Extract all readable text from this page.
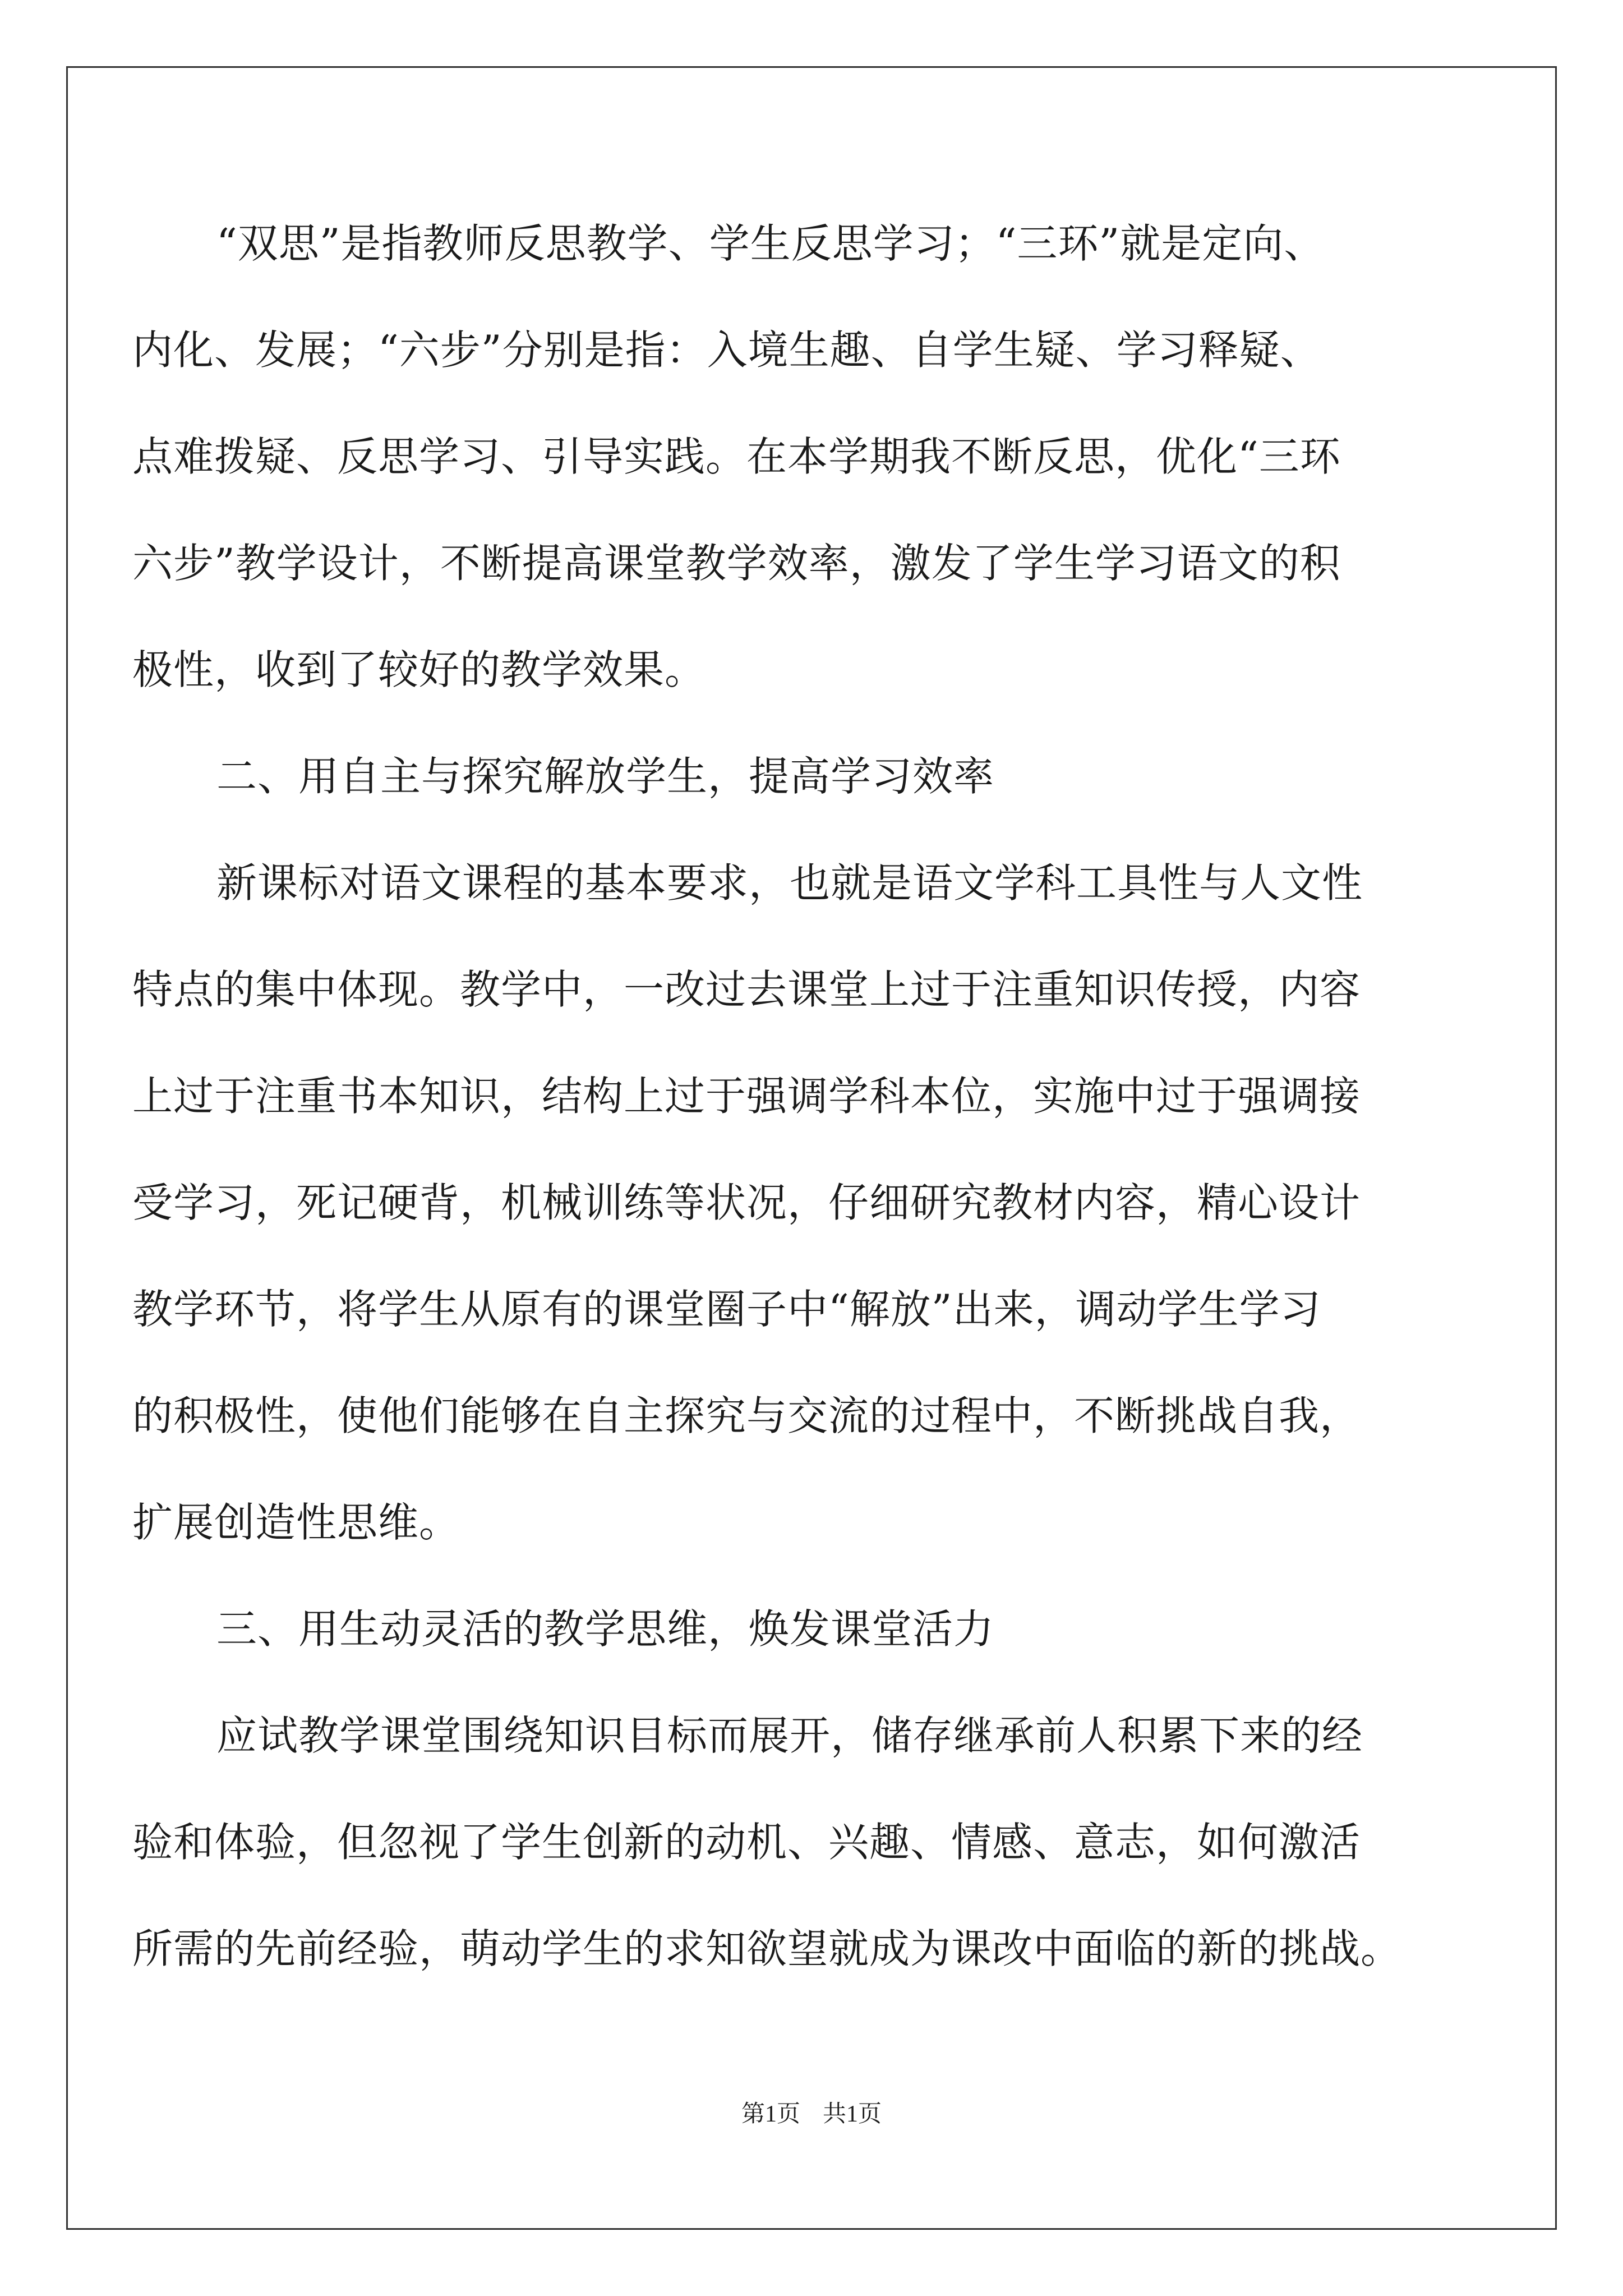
“双思”是指教师反思教学、学生反思学习；“三环”就是定向、
内化、发展；“六步”分别是指：入境生趣、自学生疑、学习释疑、
点难拨疑、反思学习、引导实践。在本学期我不断反思，优化“三环
六步”教学设计，不断提高课堂教学效率，激发了学生学习语文的积
极性，收到了较好的教学效果。
二、用自主与探究解放学生，提高学习效率
新课标对语文课程的基本要求，也就是语文学科工具性与人文性
特点的集中体现。教学中，一改过去课堂上过于注重知识传授，内容
上过于注重书本知识，结构上过于强调学科本位，实施中过于强调接
受学习，死记硬背，机械训练等状况，仔细研究教材内容，精心设计
教学环节，将学生从原有的课堂圈子中“解放”出来，调动学生学习
的积极性，使他们能够在自主探究与交流的过程中，不断挑战自我，
扩展创造性思维。
三、用生动灵活的教学思维，焕发课堂活力
应试教学课堂围绕知识目标而展开，储存继承前人积累下来的经
验和体验，但忽视了学生创新的动机、兴趣、情感、意志，如何激活
所需的先前经验，萌动学生的求知欲望就成为课改中面临的新的挑战。
第1页 共1页
